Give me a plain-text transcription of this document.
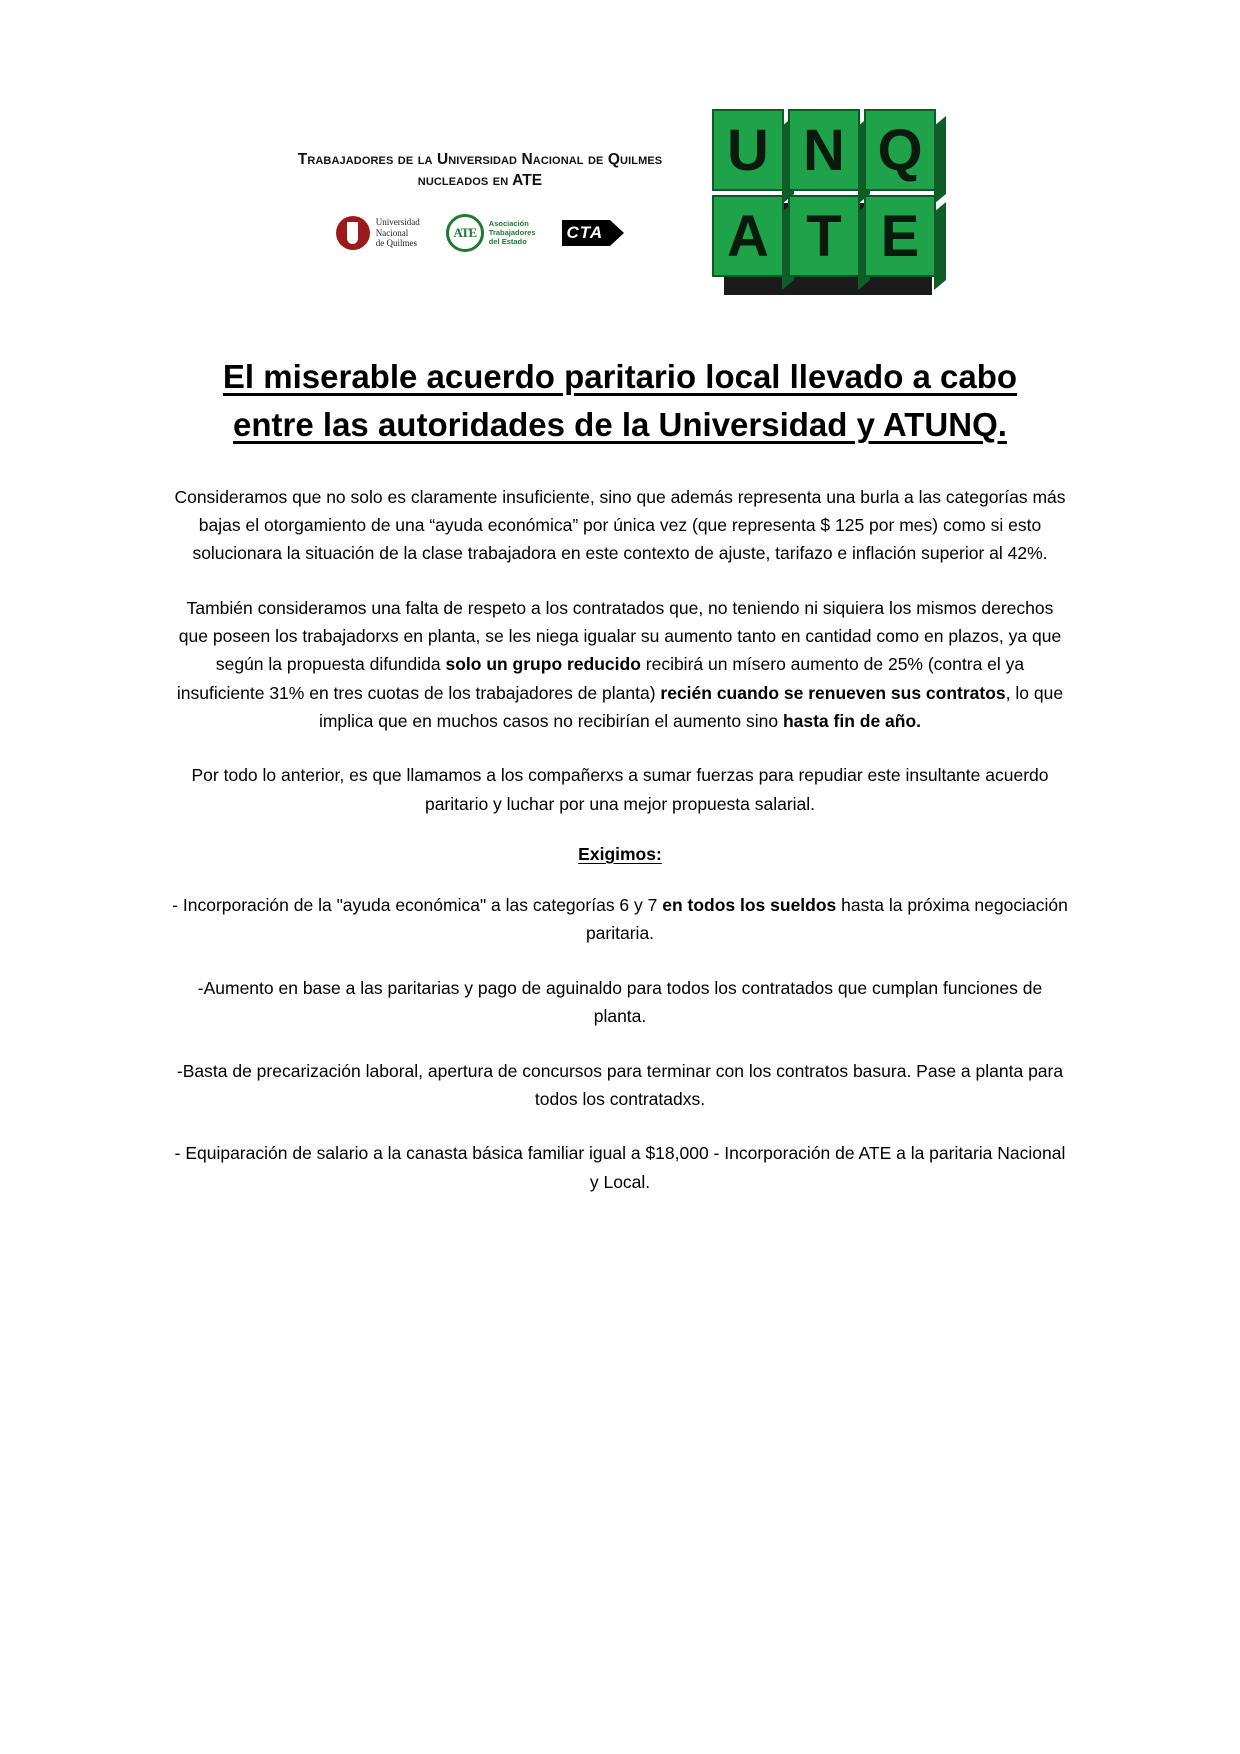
Trabajadores de la Universidad Nacional de Quilmes
nucleados en ATE
Universidad
Nacional
de Quilmes
ATE
Asociación
Trabajadores
del Estado	CTA
U N Q
A T E
El miserable acuerdo paritario local llevado a cabo
entre las autoridades de la Universidad y ATUNQ.

Consideramos que no solo es claramente insuficiente, sino que además representa una burla a las categorías más bajas el otorgamiento de una “ayuda económica” por única vez (que representa $ 125 por mes) como si esto solucionara la situación de la clase trabajadora en este contexto de ajuste, tarifazo e inflación superior al 42%.

También consideramos una falta de respeto a los contratados que, no teniendo ni siquiera los mismos derechos que poseen los trabajadorxs en planta, se les niega igualar su aumento tanto en cantidad como en plazos, ya que según la propuesta difundida solo un grupo reducido recibirá un mísero aumento de 25% (contra el ya insuficiente 31% en tres cuotas de los trabajadores de planta) recién cuando se renueven sus contratos, lo que implica que en muchos casos no recibirían el aumento sino hasta fin de año.

Por todo lo anterior, es que llamamos a los compañerxs a sumar fuerzas para repudiar este insultante acuerdo paritario y luchar por una mejor propuesta salarial.

Exigimos:

- Incorporación de la "ayuda económica" a las categorías 6 y 7 en todos los sueldos hasta la próxima negociación paritaria.

-Aumento en base a las paritarias y pago de aguinaldo para todos los contratados que cumplan funciones de planta.

-Basta de precarización laboral, apertura de concursos para terminar con los contratos basura. Pase a planta para todos los contratadxs.

- Equiparación de salario a la canasta básica familiar igual a $18,000 - Incorporación de ATE a la paritaria Nacional y Local.
